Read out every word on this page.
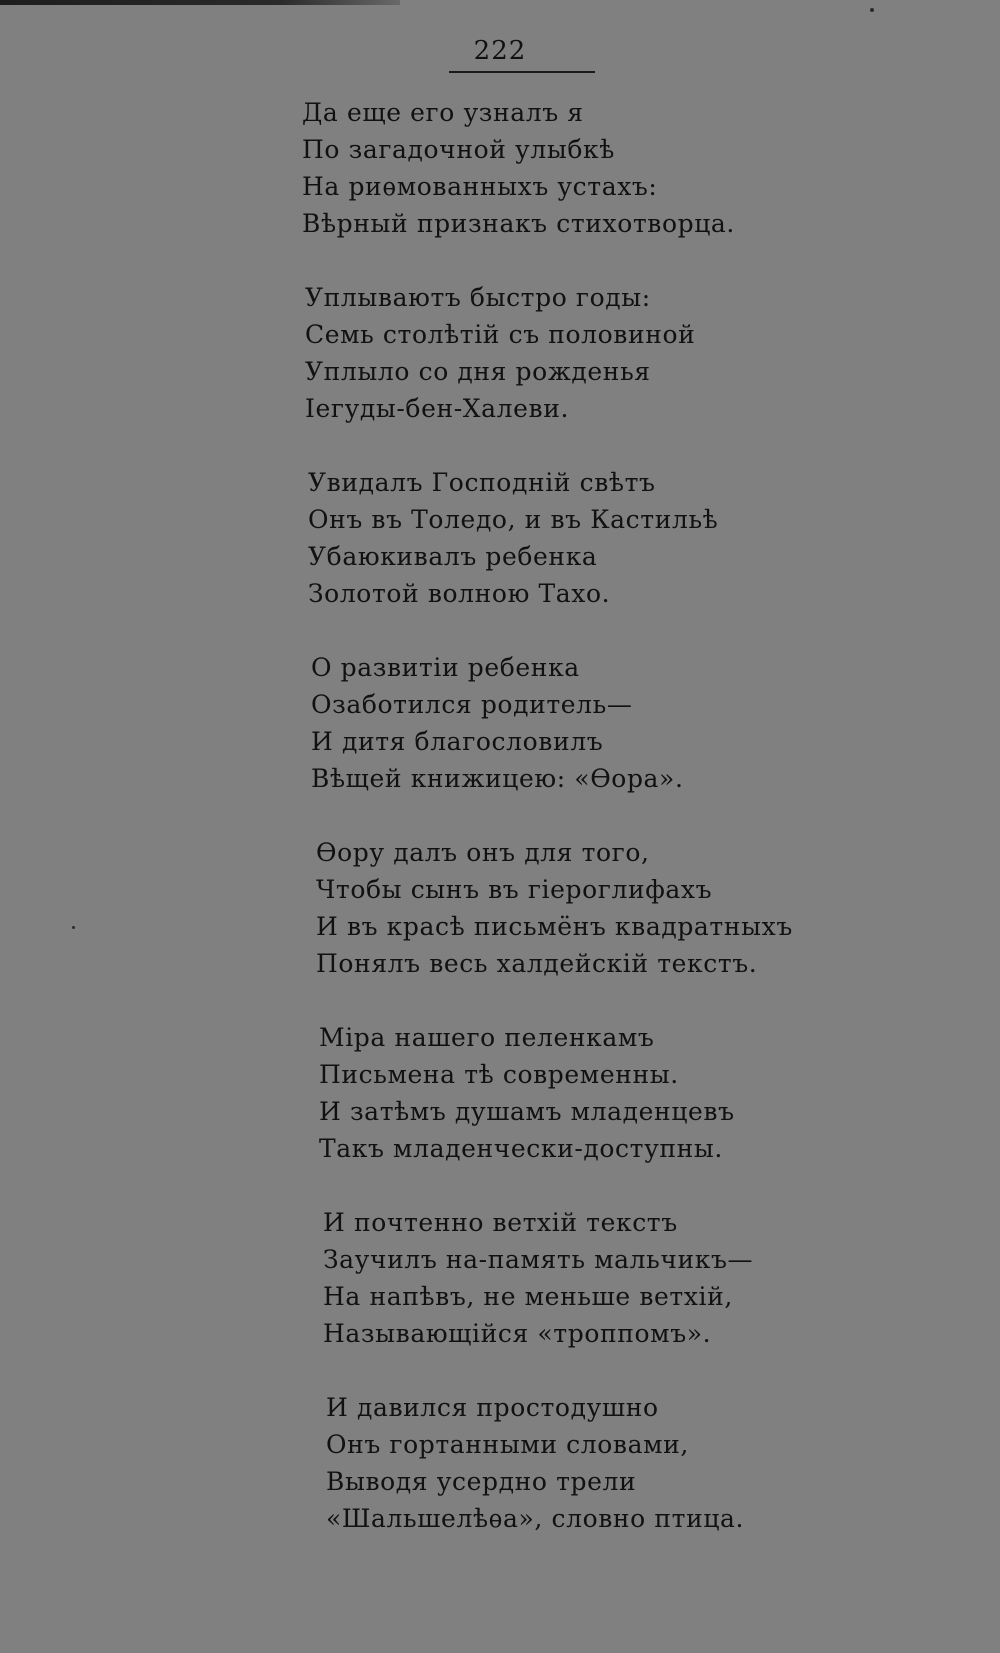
222
Да еще его узналъ я
По загадочной улыбкѣ
На риѳмованныхъ устахъ:
Вѣрный признакъ стихотворца.
Уплываютъ быстро годы:
Семь столѣтій съ половиной
Уплыло со дня рожденья
Іегуды-бен-Халеви.
Увидалъ Господній свѣтъ
Онъ въ Толедо, и въ Кастильѣ
Убаюкивалъ ребенка
Золотой волною Тахо.
О развитіи ребенка
Озаботился родитель—
И дитя благословилъ
Вѣщей книжицею: «Ѳора».
Ѳору далъ онъ для того,
Чтобы сынъ въ гіероглифахъ
И въ красѣ письмёнъ квадратныхъ
Понялъ весь халдейскій текстъ.
Міра нашего пеленкамъ
Письмена тѣ современны.
И затѣмъ душамъ младенцевъ
Такъ младенчески-доступны.
И почтенно ветхій текстъ
Заучилъ на-память мальчикъ—
На напѣвъ, не меньше ветхій,
Называющійся «троппомъ».
И давился простодушно
Онъ гортанными словами,
Выводя усердно трели
«Шальшелѣѳа», словно птица.
